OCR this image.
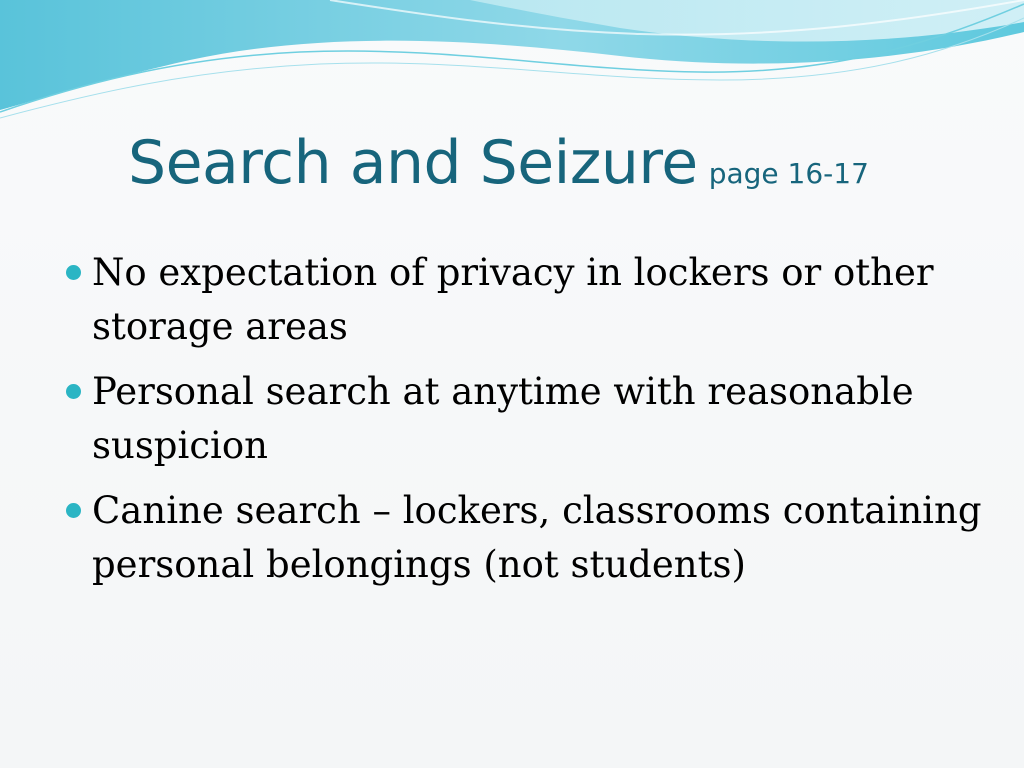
Search and Seizure page 16-17
No expectation of privacy in lockers or other storage areas
Personal search at anytime with reasonable suspicion
Canine search – lockers, classrooms containing personal belongings (not students)
